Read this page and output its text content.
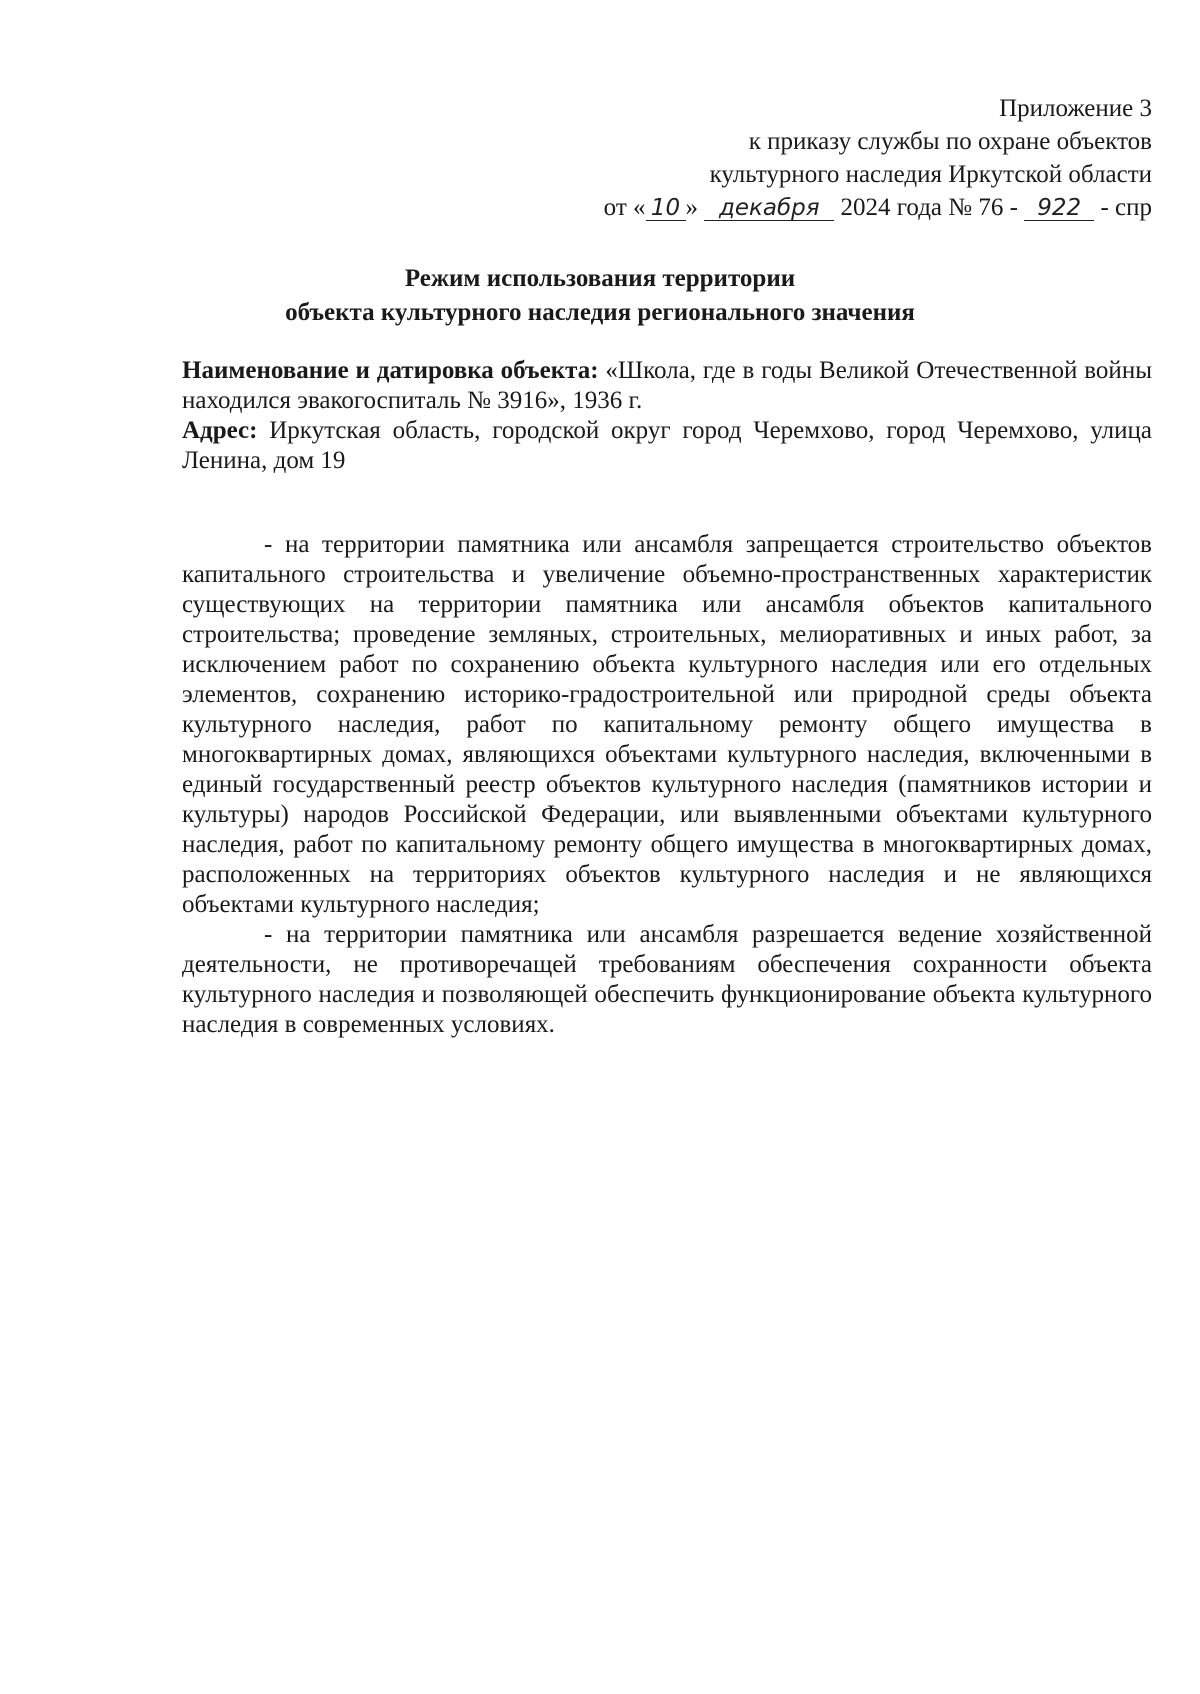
Приложение 3
к приказу службы по охране объектов
культурного наследия Иркутской области
от « 10 » декабря 2024 года № 76 - 922 - спр
Режим использования территории
объекта культурного наследия регионального значения

Наименование и датировка объекта: «Школа, где в годы Великой Отечественной войны находился эвакогоспиталь № 3916», 1936 г.

Адрес: Иркутская область, городской округ город Черемхово, город Черемхово, улица Ленина, дом 19

- на территории памятника или ансамбля запрещается строительство объектов капитального строительства и увеличение объемно-пространственных характеристик существующих на территории памятника или ансамбля объектов капитального строительства; проведение земляных, строительных, мелиоративных и иных работ, за исключением работ по сохранению объекта культурного наследия или его отдельных элементов, сохранению историко-градостроительной или природной среды объекта культурного наследия, работ по капитальному ремонту общего имущества в многоквартирных домах, являющихся объектами культурного наследия, включенными в единый государственный реестр объектов культурного наследия (памятников истории и культуры) народов Российской Федерации, или выявленными объектами культурного наследия, работ по капитальному ремонту общего имущества в многоквартирных домах, расположенных на территориях объектов культурного наследия и не являющихся объектами культурного наследия;

- на территории памятника или ансамбля разрешается ведение хозяйственной деятельности, не противоречащей требованиям обеспечения сохранности объекта культурного наследия и позволяющей обеспечить функционирование объекта культурного наследия в современных условиях.
